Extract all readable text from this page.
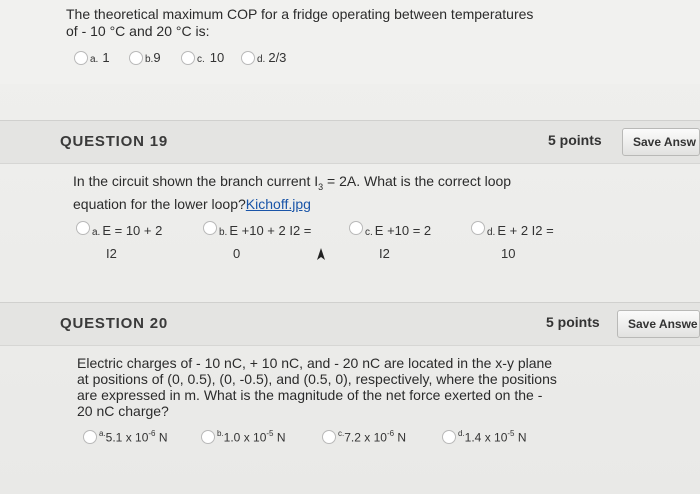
The theoretical maximum COP for a fridge operating between temperatures
of - 10 °C and 20 °C is:
a. 1	b.9	c. 10	d. 2/3
QUESTION 19	5 points	Save Answ
In the circuit shown the branch current $I_3 = 2A$. What is the correct loop
equation for the lower loop?Kichoff.jpg
a. E = 10 + 2
I2
b. E +10 + 2 I2 =
0
c. E +10 = 2
I2
d. E + 2 I2 =
10
QUESTION 20	5 points	Save Answe
Electric charges of - 10 nC, + 10 nC, and - 20 nC are located in the x-y plane
at positions of (0, 0.5), (0, -0.5), and (0.5, 0), respectively, where the positions
are expressed in m. What is the magnitude of the net force exerted on the -
20 nC charge?
$^{a.}$5.1 x $10^{-6}$ N	$^{b.}$1.0 x $10^{-5}$ N	$^{c.}$7.2 x $10^{-6}$ N	$^{d.}$1.4 x $10^{-5}$ N
